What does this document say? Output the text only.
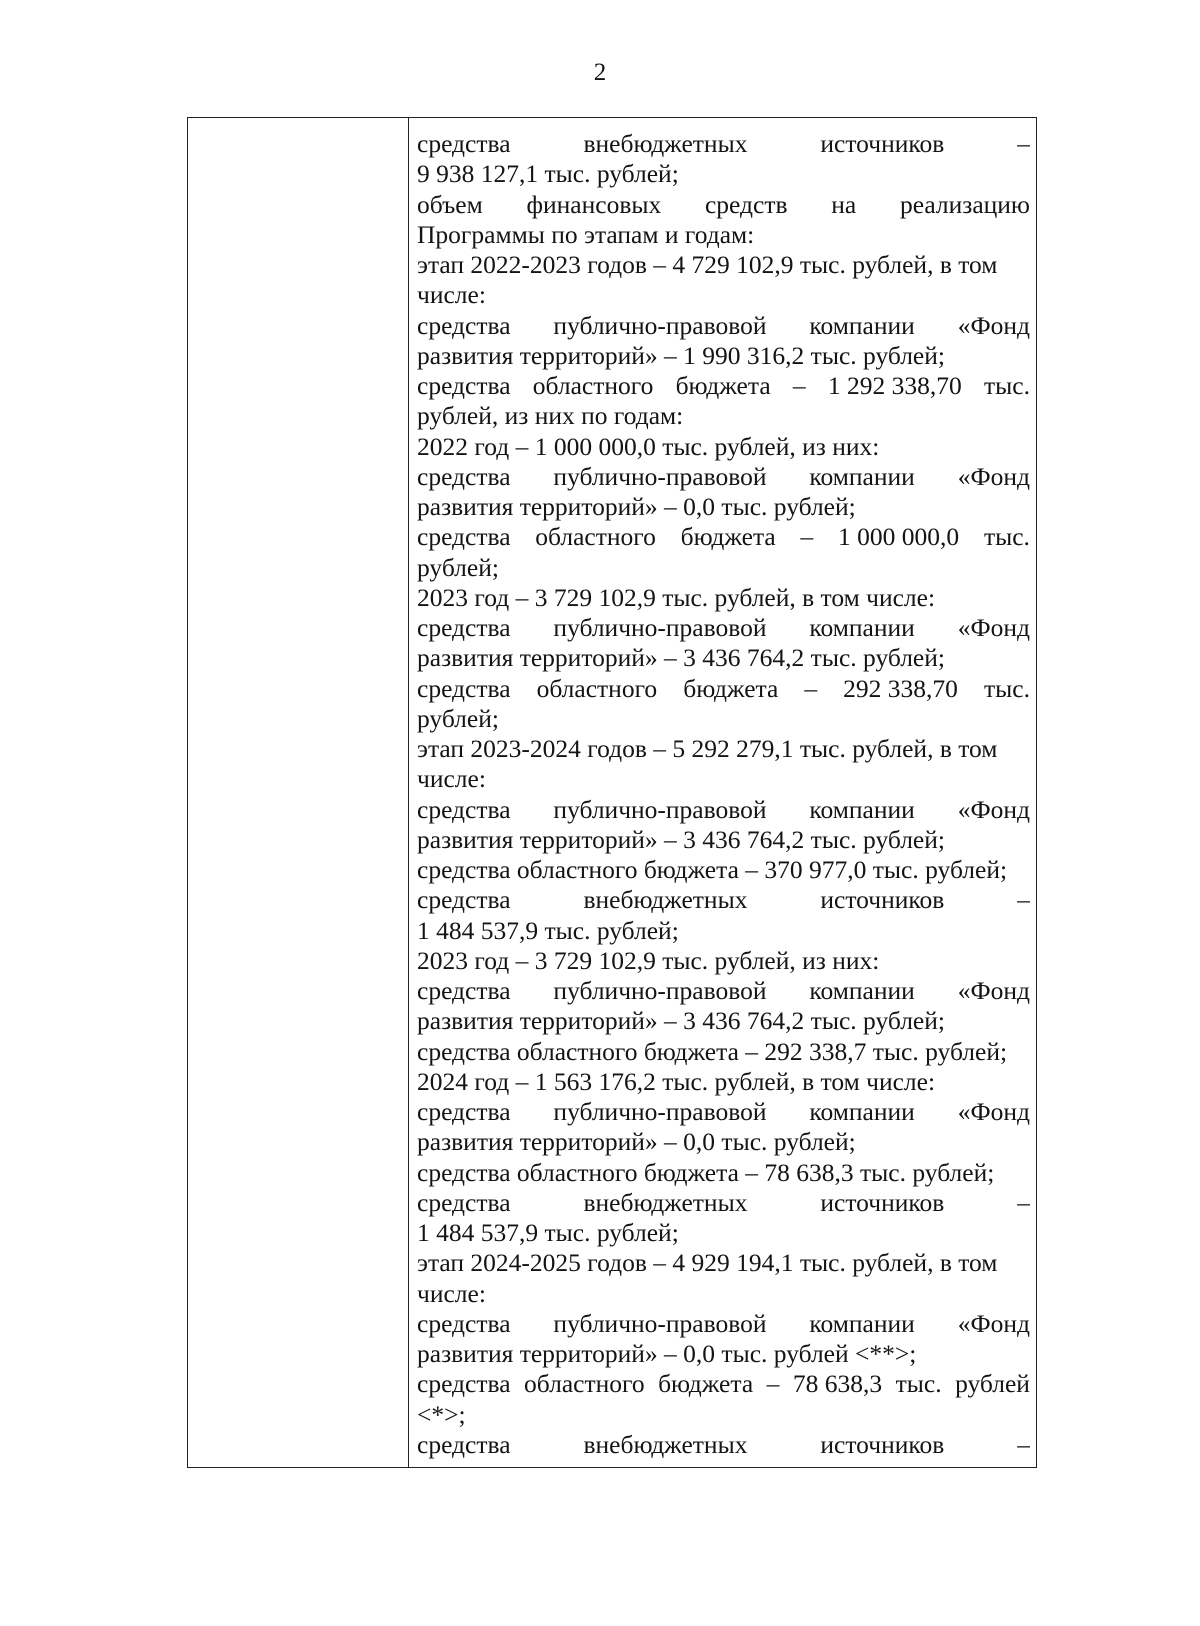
2
средства	внебюджетных	источников	–
9 938 127,1 тыс. рублей;
объем финансовых средств на реализацию
Программы по этапам и годам:
этап 2022-2023 годов – 4 729 102,9 тыс. рублей, в том
числе:
средства публично-правовой компании «Фонд
развития территорий» – 1 990 316,2 тыс. рублей;
средства областного бюджета – 1 292 338,70 тыс.
рублей, из них по годам:
2022 год – 1 000 000,0 тыс. рублей, из них:
средства публично-правовой компании «Фонд
развития территорий» – 0,0 тыс. рублей;
средства областного бюджета – 1 000 000,0 тыс.
рублей;
2023 год – 3 729 102,9 тыс. рублей, в том числе:
средства публично-правовой компании «Фонд
развития территорий» – 3 436 764,2 тыс. рублей;
средства областного бюджета – 292 338,70 тыс.
рублей;
этап 2023-2024 годов – 5 292 279,1 тыс. рублей, в том
числе:
средства публично-правовой компании «Фонд
развития территорий» – 3 436 764,2 тыс. рублей;
средства областного бюджета – 370 977,0 тыс. рублей;
средства	внебюджетных	источников	–
1 484 537,9 тыс. рублей;
2023 год – 3 729 102,9 тыс. рублей, из них:
средства публично-правовой компании «Фонд
развития территорий» – 3 436 764,2 тыс. рублей;
средства областного бюджета – 292 338,7 тыс. рублей;
2024 год – 1 563 176,2 тыс. рублей, в том числе:
средства публично-правовой компании «Фонд
развития территорий» – 0,0 тыс. рублей;
средства областного бюджета – 78 638,3 тыс. рублей;
средства	внебюджетных	источников	–
1 484 537,9 тыс. рублей;
этап 2024-2025 годов – 4 929 194,1 тыс. рублей, в том
числе:
средства публично-правовой компании «Фонд
развития территорий» – 0,0 тыс. рублей <**>;
средства областного бюджета – 78 638,3 тыс. рублей
<*>;
средства	внебюджетных	источников	–
